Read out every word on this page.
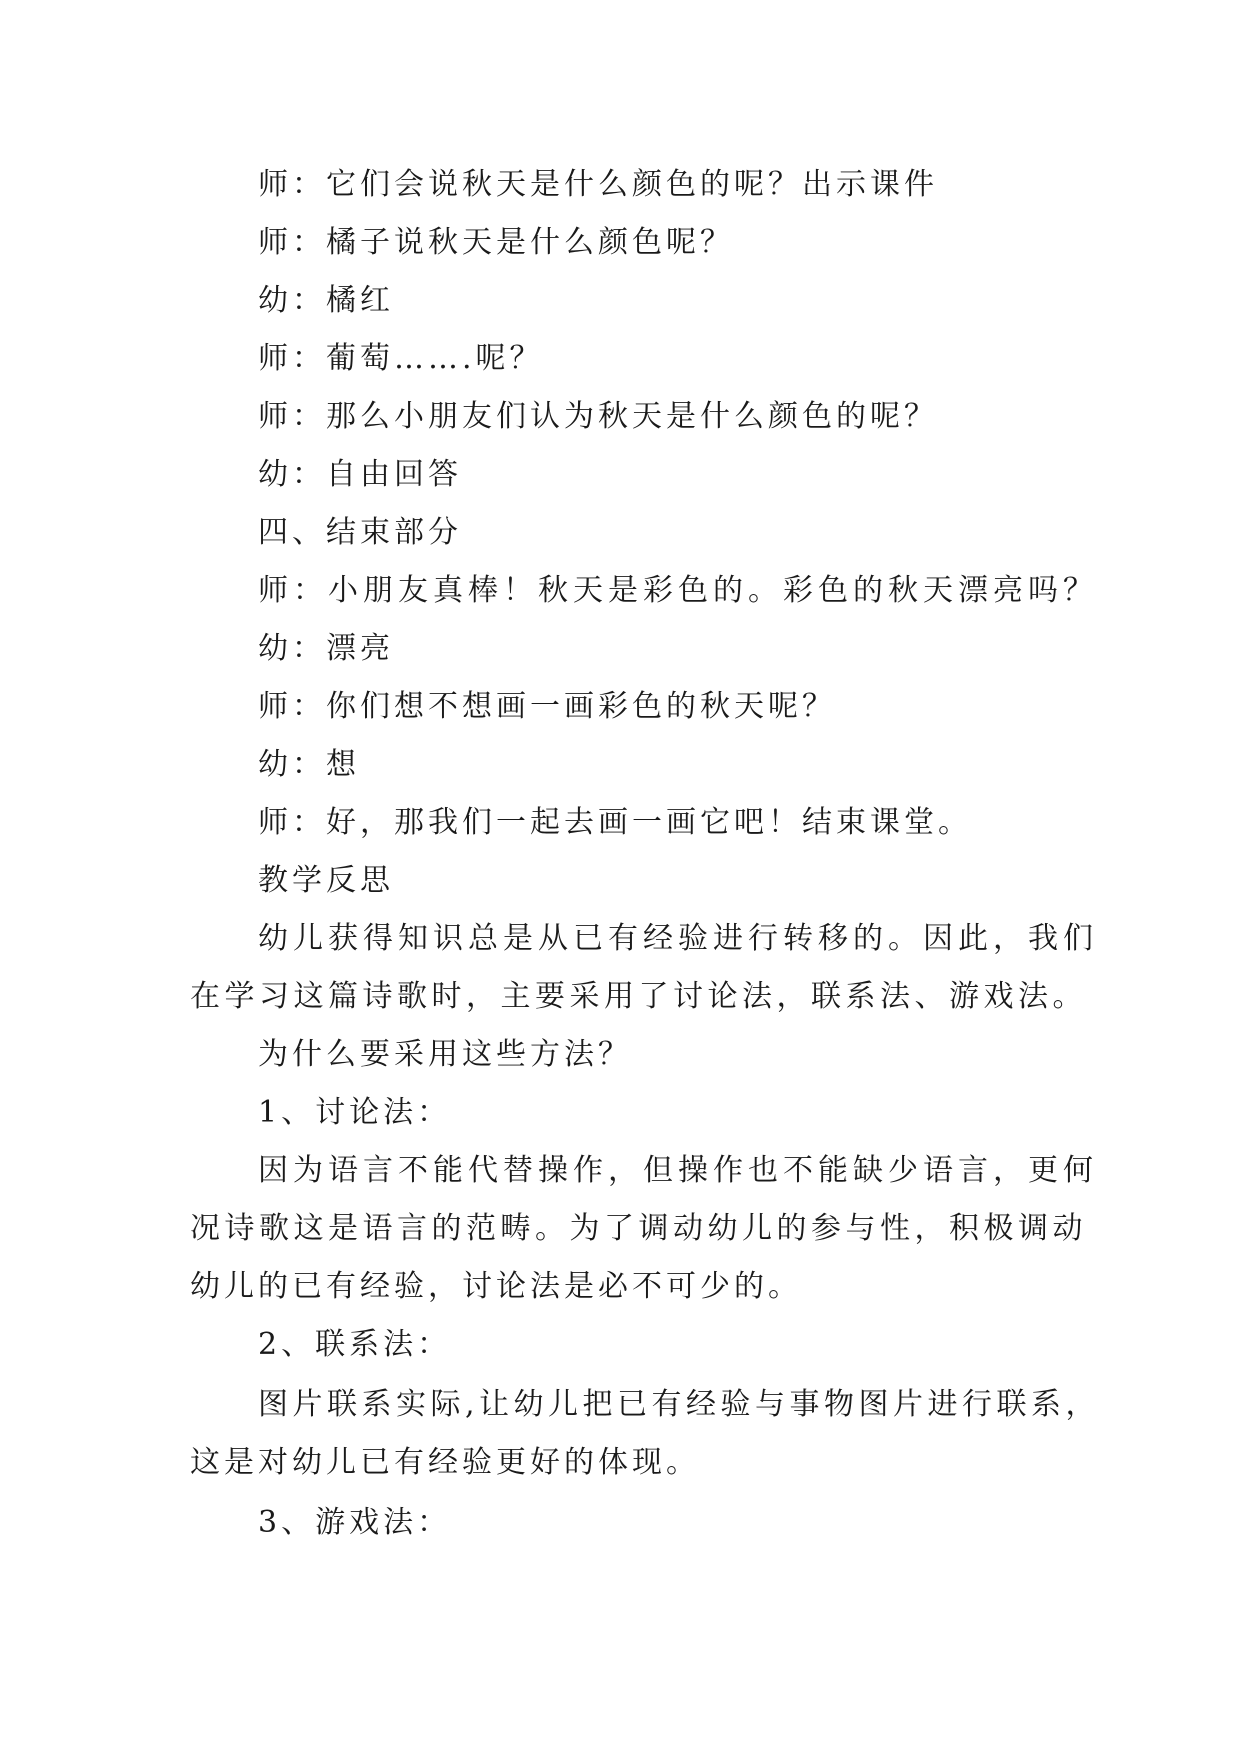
师：它们会说秋天是什么颜色的呢？出示课件
师：橘子说秋天是什么颜色呢？
幼：橘红
师：葡萄…….呢？
师：那么小朋友们认为秋天是什么颜色的呢？
幼：自由回答
四、结束部分
师：小朋友真棒！秋天是彩色的。彩色的秋天漂亮吗？
幼：漂亮
师：你们想不想画一画彩色的秋天呢？
幼：想
师：好，那我们一起去画一画它吧！结束课堂。
教学反思
幼儿获得知识总是从已有经验进行转移的。因此，我们
在学习这篇诗歌时，主要采用了讨论法，联系法、游戏法。
为什么要采用这些方法？
1、讨论法：
因为语言不能代替操作，但操作也不能缺少语言，更何
况诗歌这是语言的范畴。为了调动幼儿的参与性，积极调动
幼儿的已有经验，讨论法是必不可少的。
2、联系法：
图片联系实际,让幼儿把已有经验与事物图片进行联系，
这是对幼儿已有经验更好的体现。
3、游戏法：
